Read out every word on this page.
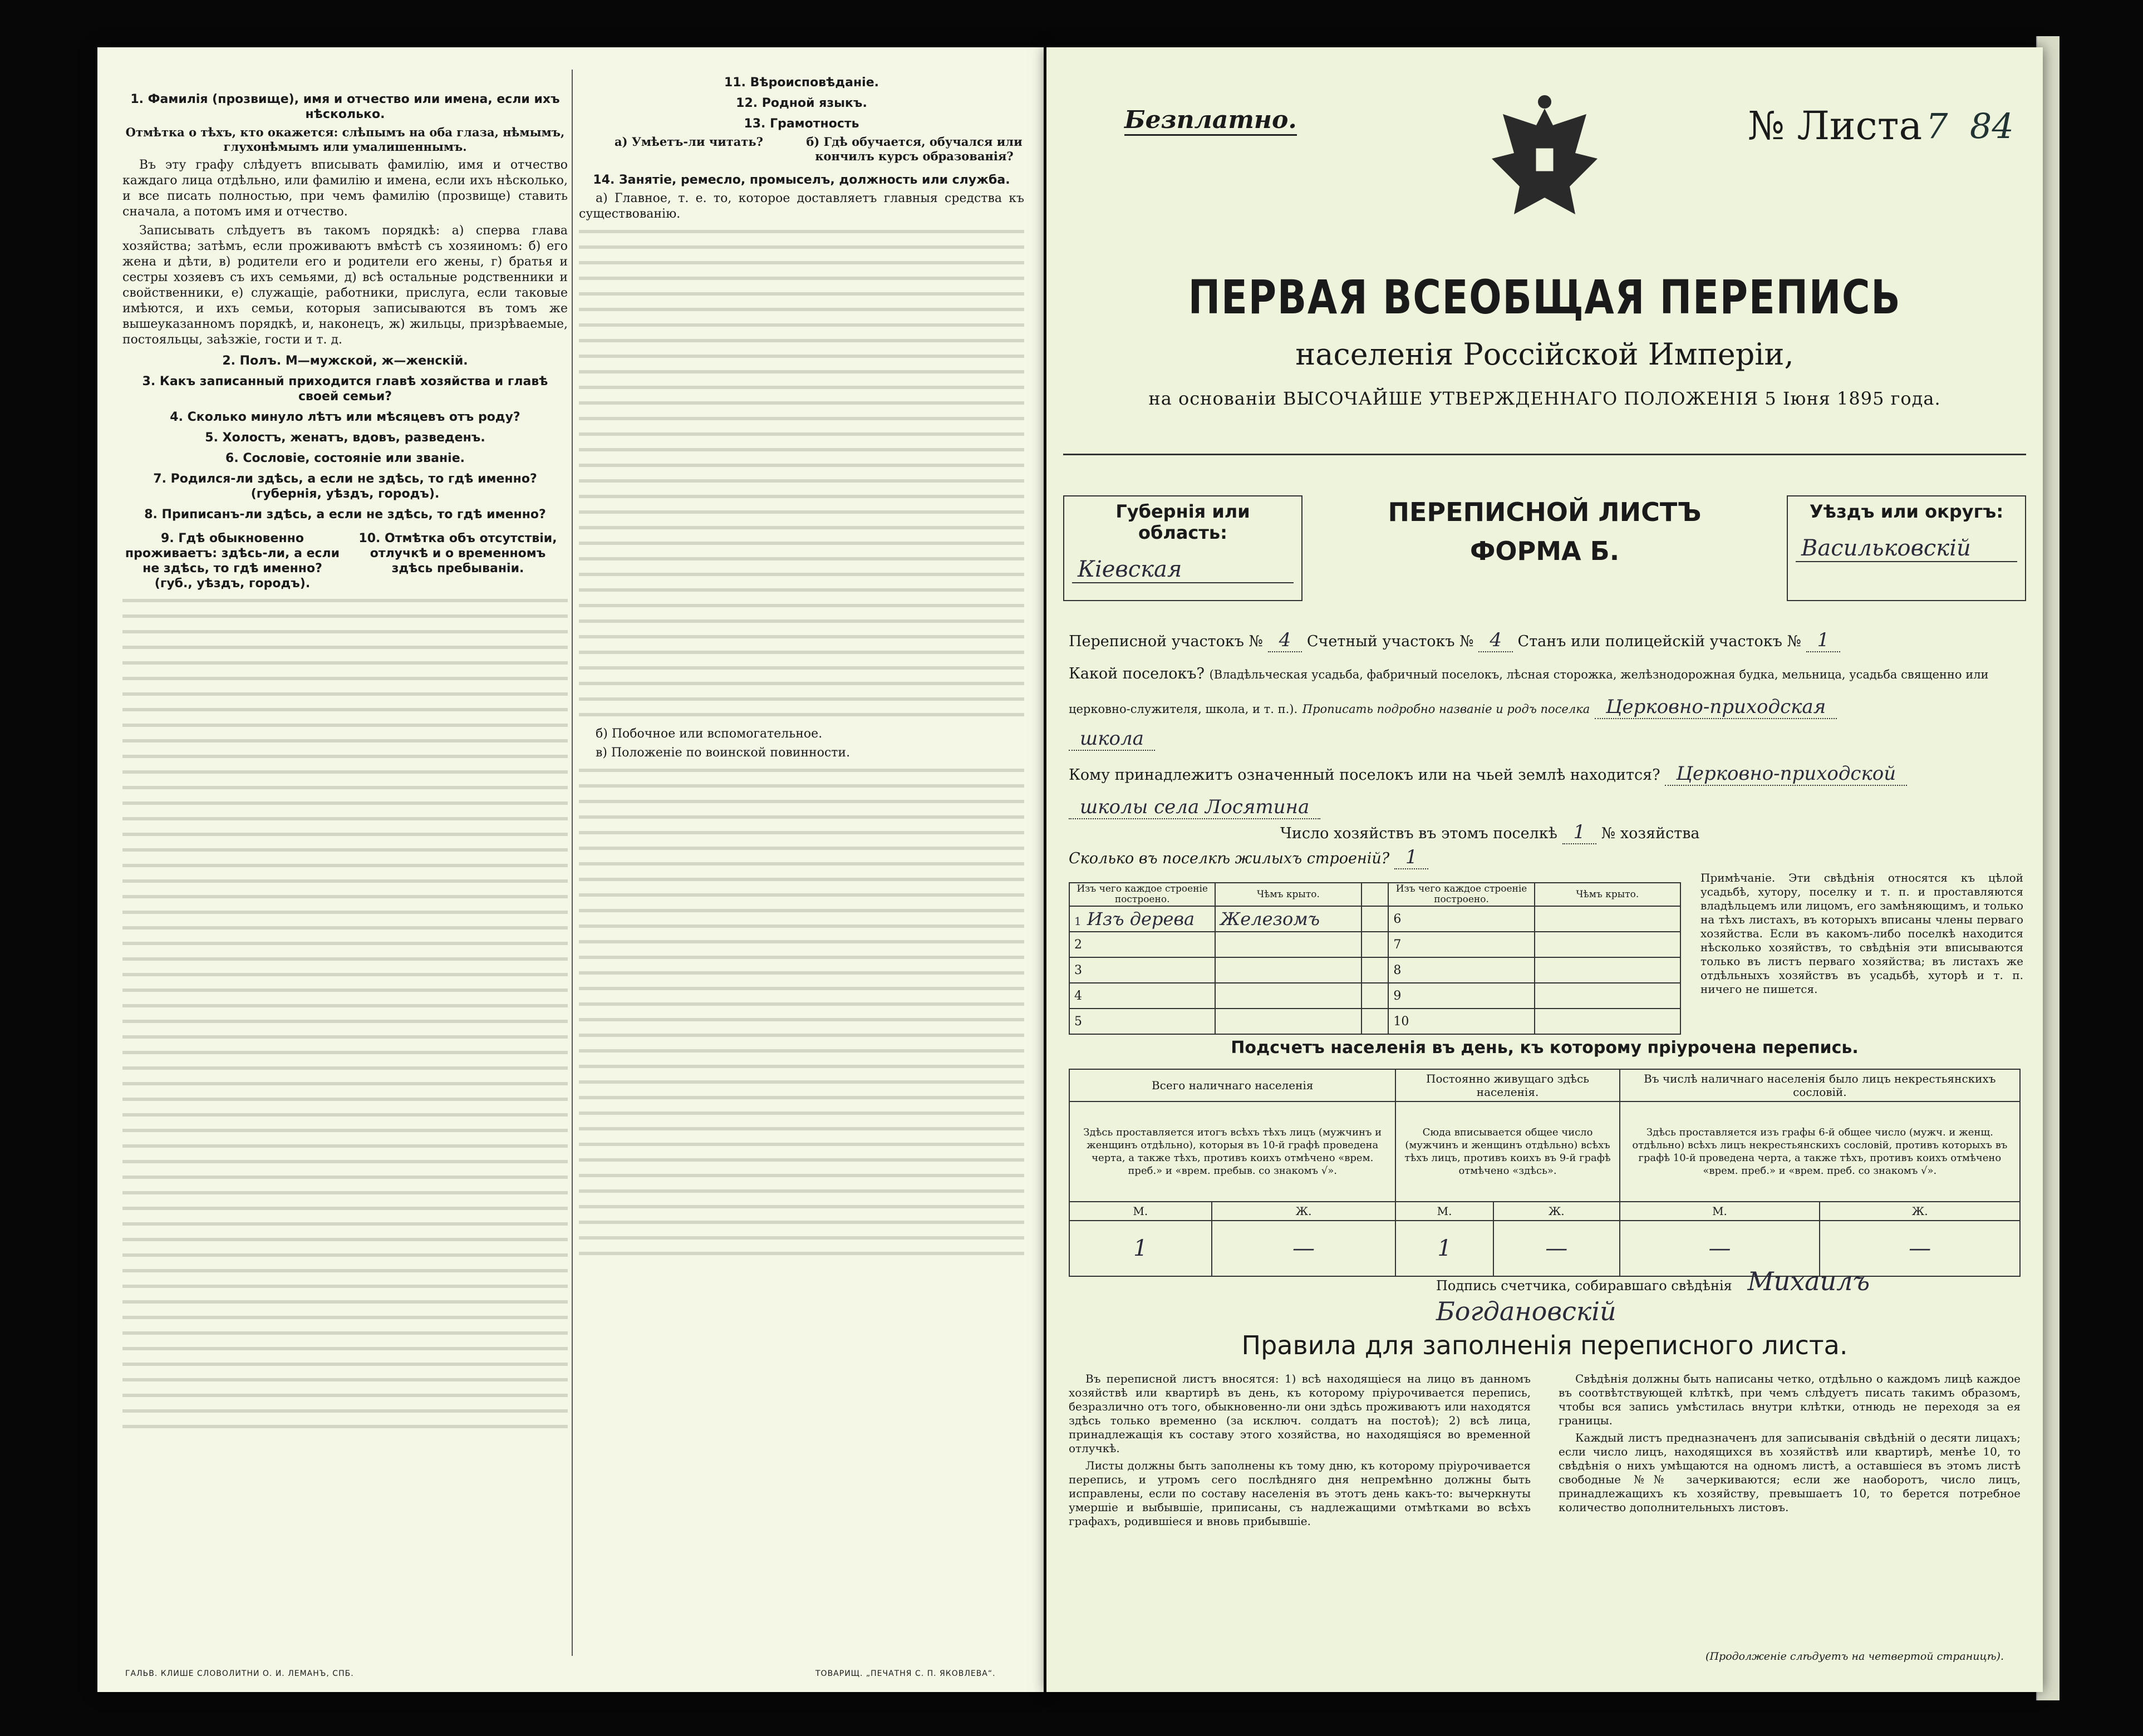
1. Фамилія (прозвище), имя и отчество или имена, если ихъ нѣсколько.
Отмѣтка о тѣхъ, кто окажется: слѣпымъ на оба глаза, нѣмымъ, глухонѣмымъ или умалишеннымъ.

Въ эту графу слѣдуетъ вписывать фамилію, имя и отчество каждаго лица отдѣльно, или фамилію и имена, если ихъ нѣсколько, и все писать полностью, при чемъ фамилію (прозвище) ставить сначала, а потомъ имя и отчество.

Записывать слѣдуетъ въ такомъ порядкѣ: а) сперва глава хозяйства; затѣмъ, если проживаютъ вмѣстѣ съ хозяиномъ: б) его жена и дѣти, в) родители его и родители его жены, г) братья и сестры хозяевъ съ ихъ семьями, д) всѣ остальные родственники и свойственники, е) служащіе, работники, прислуга, если таковые имѣются, и ихъ семьи, которыя записываются въ томъ же вышеуказанномъ порядкѣ, и, наконецъ, ж) жильцы, призрѣваемые, постояльцы, заѣзжіе, гости и т. д.

2. Полъ. М—мужской, ж—женскій.
3. Какъ записанный приходится главѣ хозяйства и главѣ своей семьи?
4. Сколько минуло лѣтъ или мѣсяцевъ отъ роду?
5. Холостъ, женатъ, вдовъ, разведенъ.
6. Сословіе, состояніе или званіе.
7. Родился-ли здѣсь, а если не здѣсь, то гдѣ именно? (губернія, уѣздъ, городъ).
8. Приписанъ-ли здѣсь, а если не здѣсь, то гдѣ именно?
9. Гдѣ обыкновенно проживаетъ: здѣсь-ли, а если не здѣсь, то гдѣ именно? (губ., уѣздъ, городъ).
10. Отмѣтка объ отсутствіи, отлучкѣ и о временномъ здѣсь пребываніи.
11. Вѣроисповѣданіе.
12. Родной языкъ.
13. Грамотность
а) Умѣетъ-ли читать?	б) Гдѣ обучается, обучался или кончилъ курсъ образованія?
14. Занятіе, ремесло, промыселъ, должность или служба.

а) Главное, т. е. то, которое доставляетъ главныя средства къ существованію.

б) Побочное или вспомогательное.

в) Положеніе по воинской повинности.

ГАЛЬВ. КЛИШЕ СЛОВОЛИТНИ О. И. ЛЕМАНЪ, СПБ.	ТОВАРИЩ. „ПЕЧАТНЯ С. П. ЯКОВЛЕВА“.
Безплатно.	№ Листа 7 84
ПЕРВАЯ ВСЕОБЩАЯ ПЕРЕПИСЬ
населенія Россійской Имперіи,
на основаніи ВЫСОЧАЙШЕ УТВЕРЖДЕННАГО ПОЛОЖЕНІЯ 5 Іюня 1895 года.
Губернія или область:
Кіевская
ПЕРЕПИСНОЙ ЛИСТЪ
ФОРМА Б.
Уѣздъ или округъ:
Васильковскій
Переписной участокъ № 4 Счетный участокъ № 4 Станъ или полицейскій участокъ № 1
Какой поселокъ? (Владѣльческая усадьба, фабричный поселокъ, лѣсная сторожка, желѣзнодорожная будка, мельница, усадьба священно или
церковно-служителя, школа, и т. п.). Прописать подробно названіе и родъ поселка Церковно-приходская
школа
Кому принадлежитъ означенный поселокъ или на чьей землѣ находится? Церковно-приходской
школы села Лосятина
Число хозяйствъ въ этомъ поселкѣ 1 № хозяйства
Сколько въ поселкѣ жилыхъ строеній? 1
Изъ чего каждое строеніе построено.	Чѣмъ крыто.		Изъ чего каждое строеніе построено.	Чѣмъ крыто.
1 Изъ дерева	Железомъ		6	
2			7	
3			8	
4			9	
5			10	
Примѣчаніе. Эти свѣдѣнія относятся къ цѣлой усадьбѣ, хутору, поселку и т. п. и проставляются владѣльцемъ или лицомъ, его замѣняющимъ, и только на тѣхъ листахъ, въ которыхъ вписаны члены перваго хозяйства. Если въ какомъ-либо поселкѣ находится нѣсколько хозяйствъ, то свѣдѣнія эти вписываются только въ листъ перваго хозяйства; въ листахъ же отдѣльныхъ хозяйствъ въ усадьбѣ, хуторѣ и т. п. ничего не пишется.
Подсчетъ населенія въ день, къ которому пріурочена перепись.
Всего наличнаго населенія		Постоянно живущаго здѣсь населенія.		Въ числѣ наличнаго населенія было лицъ некрестьянскихъ сословій.	
Здѣсь проставляется итогъ всѣхъ тѣхъ лицъ (мужчинъ и женщинъ отдѣльно), которыя въ 10-й графѣ проведена черта, а также тѣхъ, противъ коихъ отмѣчено «врем. преб.» и «врем. пребыв. со знакомъ √».		Сюда вписывается общее число (мужчинъ и женщинъ отдѣльно) всѣхъ тѣхъ лицъ, противъ коихъ въ 9-й графѣ отмѣчено «здѣсь».		Здѣсь проставляется изъ графы 6-й общее число (мужч. и женщ. отдѣльно) всѣхъ лицъ некрестьянскихъ сословій, противъ которыхъ въ графѣ 10-й проведена черта, а также тѣхъ, противъ коихъ отмѣчено «врем. преб.» и «врем. преб. со знакомъ √».	
М.	Ж.	М.	Ж.	М.	Ж.
1	—	1	—	—	—
Подпись счетчика, собиравшаго свѣдѣнія Михаилъ Богдановскій
Правила для заполненія переписного листа.

Въ переписной листъ вносятся: 1) всѣ находящіеся на лицо въ данномъ хозяйствѣ или квартирѣ въ день, къ которому пріурочивается перепись, безразлично отъ того, обыкновенно-ли они здѣсь проживаютъ или находятся здѣсь только временно (за исключ. солдатъ на постоѣ); 2) всѣ лица, принадлежащія къ составу этого хозяйства, но находящіяся во временной отлучкѣ.

Листы должны быть заполнены къ тому дню, къ которому пріурочивается перепись, и утромъ сего послѣдняго дня непремѣнно должны быть исправлены, если по составу населенія въ этотъ день какъ-то: вычеркнуты умершіе и выбывшіе, приписаны, съ надлежащими отмѣтками во всѣхъ графахъ, родившіеся и вновь прибывшіе.

Свѣдѣнія должны быть написаны четко, отдѣльно о каждомъ лицѣ каждое въ соотвѣтствующей клѣткѣ, при чемъ слѣдуетъ писать такимъ образомъ, чтобы вся запись умѣстилась внутри клѣтки, отнюдь не переходя за ея границы.

Каждый листъ предназначенъ для записыванія свѣдѣній о десяти лицахъ; если число лицъ, находящихся въ хозяйствѣ или квартирѣ, менѣе 10, то свѣдѣнія о нихъ умѣщаются на одномъ листѣ, а оставшіеся въ этомъ листѣ свободные №№ зачеркиваются; если же наоборотъ, число лицъ, принадлежащихъ къ хозяйству, превышаетъ 10, то берется потребное количество дополнительныхъ листовъ.

(Продолженіе слѣдуетъ на четвертой страницѣ).
